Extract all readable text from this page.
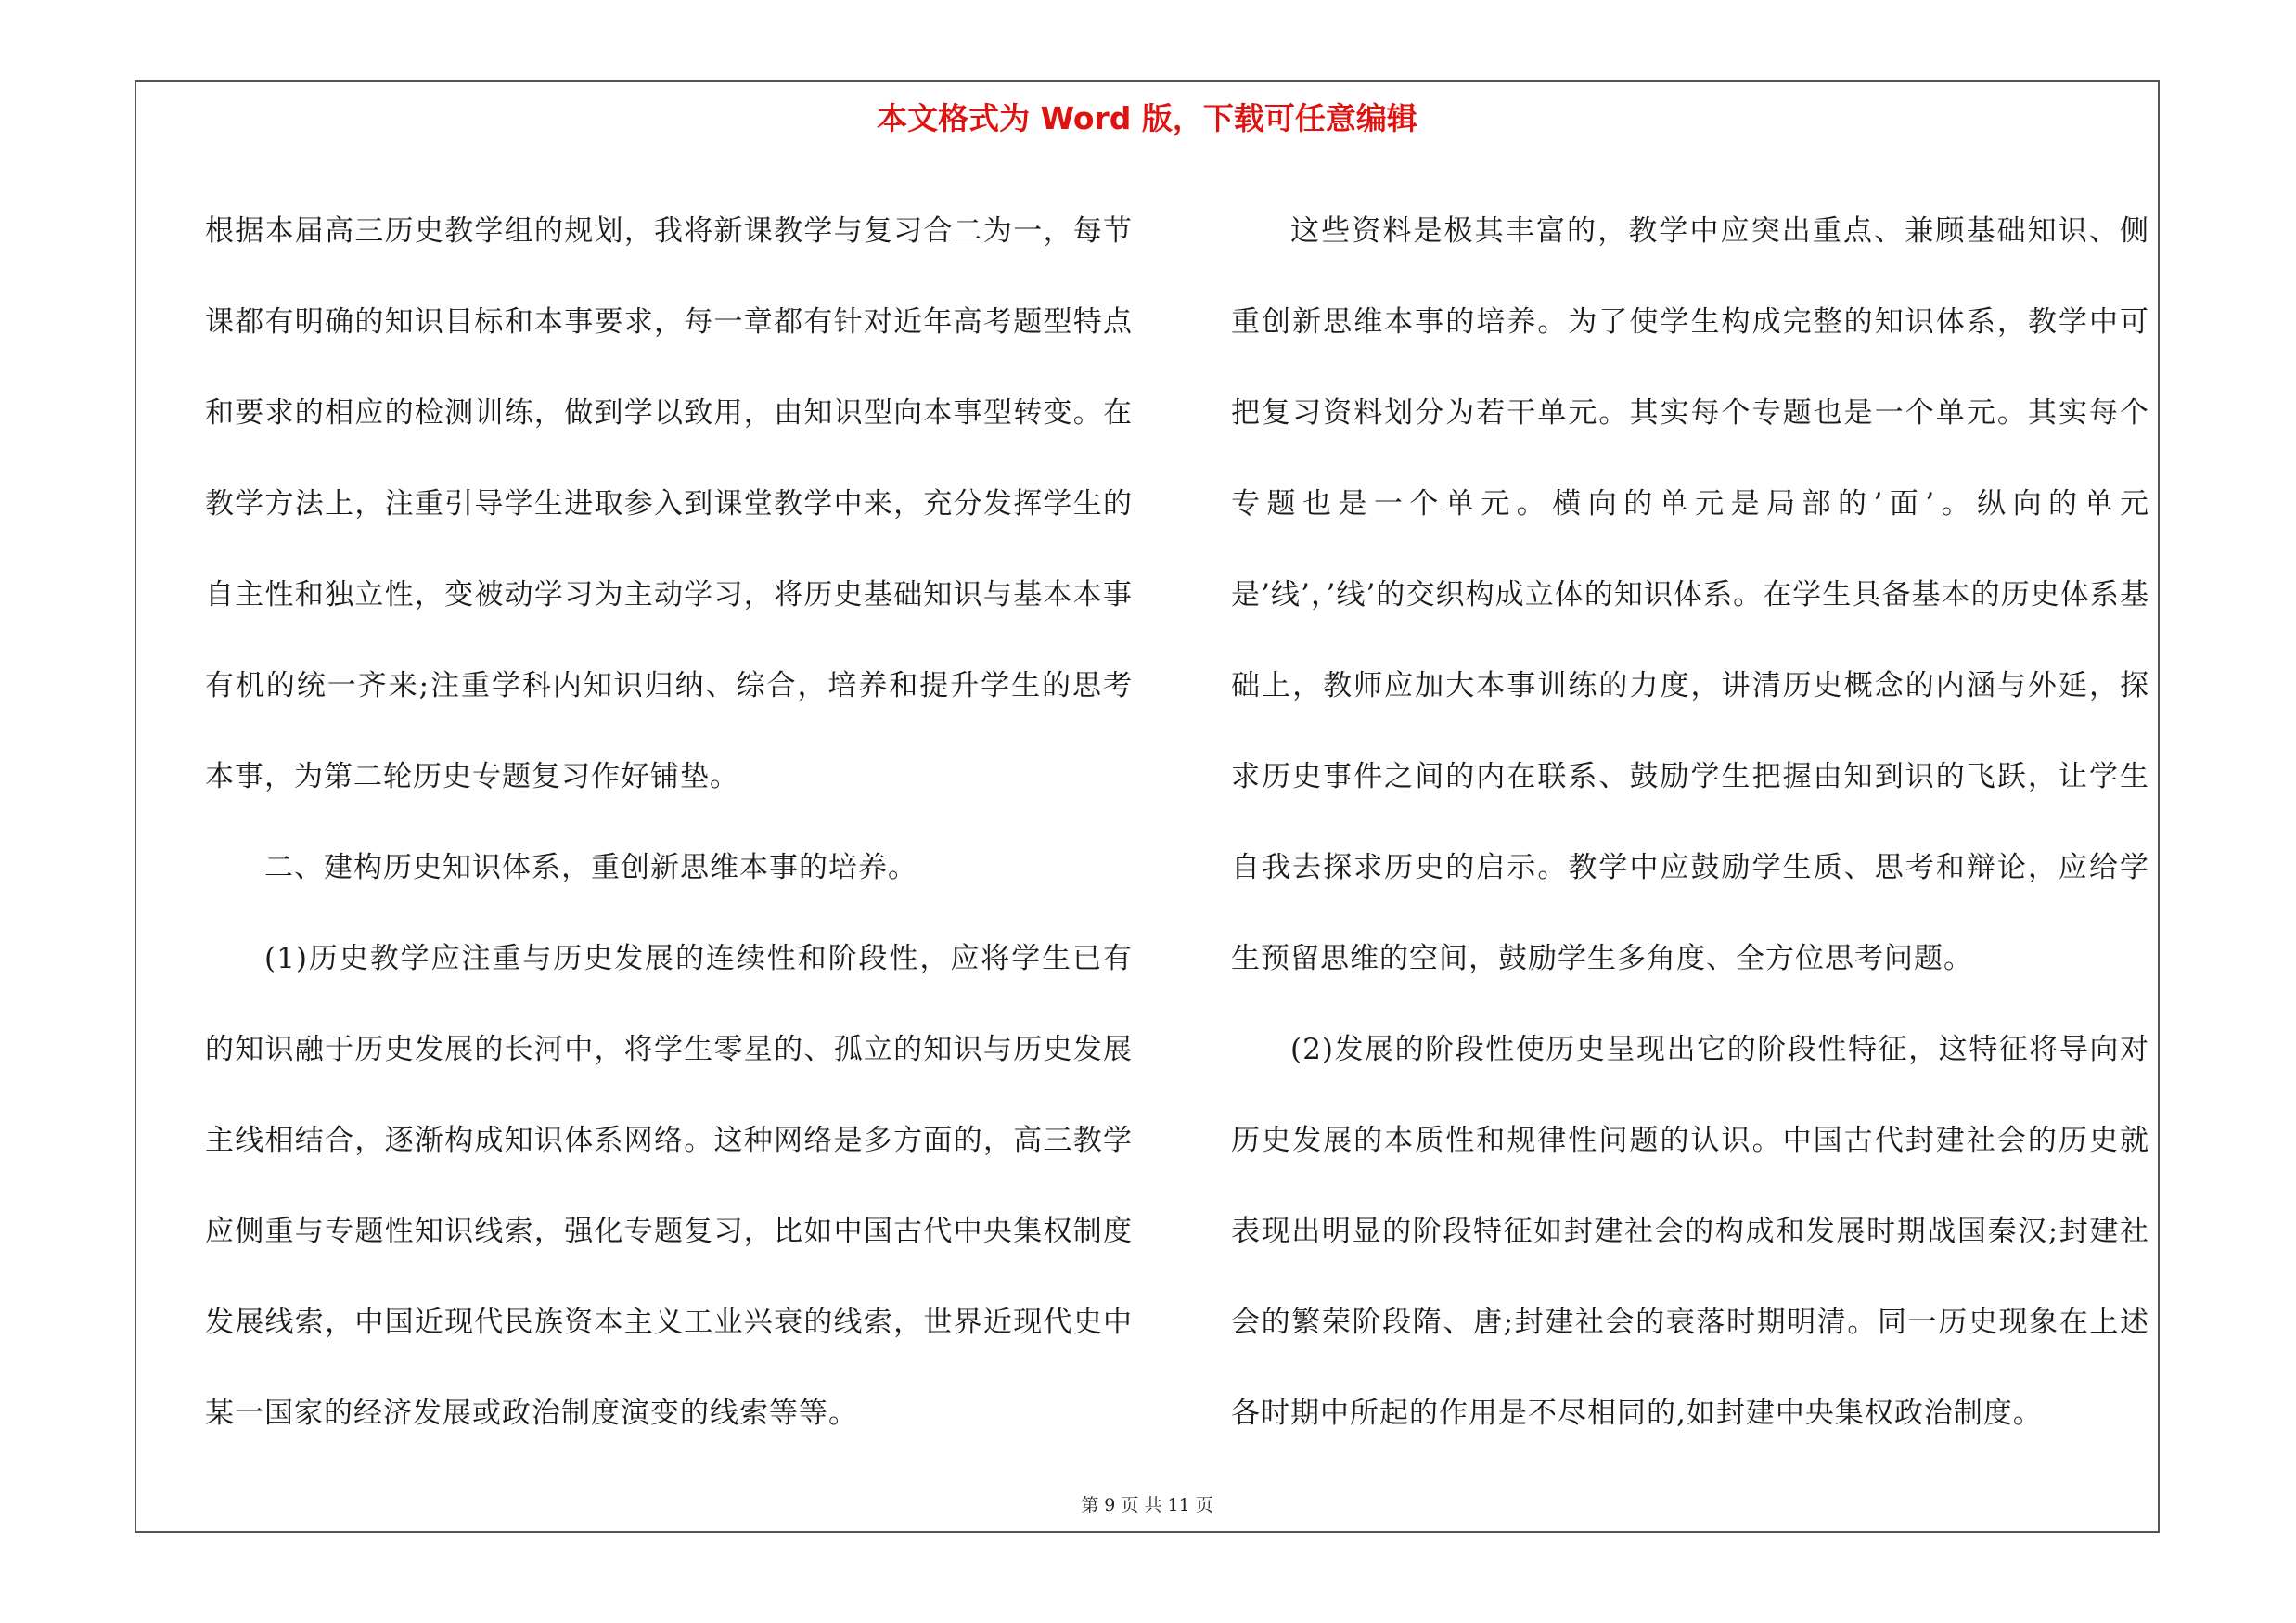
本文格式为 Word 版，下载可任意编辑

根据本届高三历史教学组的规划，我将新课教学与复习合二为一，每节课都有明确的知识目标和本事要求，每一章都有针对近年高考题型特点和要求的相应的检测训练，做到学以致用，由知识型向本事型转变。在教学方法上，注重引导学生进取参入到课堂教学中来，充分发挥学生的自主性和独立性，变被动学习为主动学习，将历史基础知识与基本本事有机的统一齐来;注重学科内知识归纳、综合，培养和提升学生的思考本事，为第二轮历史专题复习作好铺垫。

二、建构历史知识体系，重创新思维本事的培养。

(1)历史教学应注重与历史发展的连续性和阶段性，应将学生已有的知识融于历史发展的长河中，将学生零星的、孤立的知识与历史发展主线相结合，逐渐构成知识体系网络。这种网络是多方面的，高三教学应侧重与专题性知识线索，强化专题复习，比如中国古代中央集权制度发展线索，中国近现代民族资本主义工业兴衰的线索，世界近现代史中某一国家的经济发展或政治制度演变的线索等等。

这些资料是极其丰富的，教学中应突出重点、兼顾基础知识、侧重创新思维本事的培养。为了使学生构成完整的知识体系，教学中可把复习资料划分为若干单元。其实每个专题也是一个单元。其实每个专题也是一个单元。横向的单元是局部的’面’。纵向的单元是’线’，’线’的交织构成立体的知识体系。在学生具备基本的历史体系基础上，教师应加大本事训练的力度，讲清历史概念的内涵与外延，探求历史事件之间的内在联系、鼓励学生把握由知到识的飞跃，让学生自我去探求历史的启示。教学中应鼓励学生质、思考和辩论，应给学生预留思维的空间，鼓励学生多角度、全方位思考问题。

(2)发展的阶段性使历史呈现出它的阶段性特征，这特征将导向对历史发展的本质性和规律性问题的认识。中国古代封建社会的历史就表现出明显的阶段特征如封建社会的构成和发展时期战国秦汉;封建社会的繁荣阶段隋、唐;封建社会的衰落时期明清。同一历史现象在上述各时期中所起的作用是不尽相同的,如封建中央集权政治制度。

第 9 页 共 11 页
